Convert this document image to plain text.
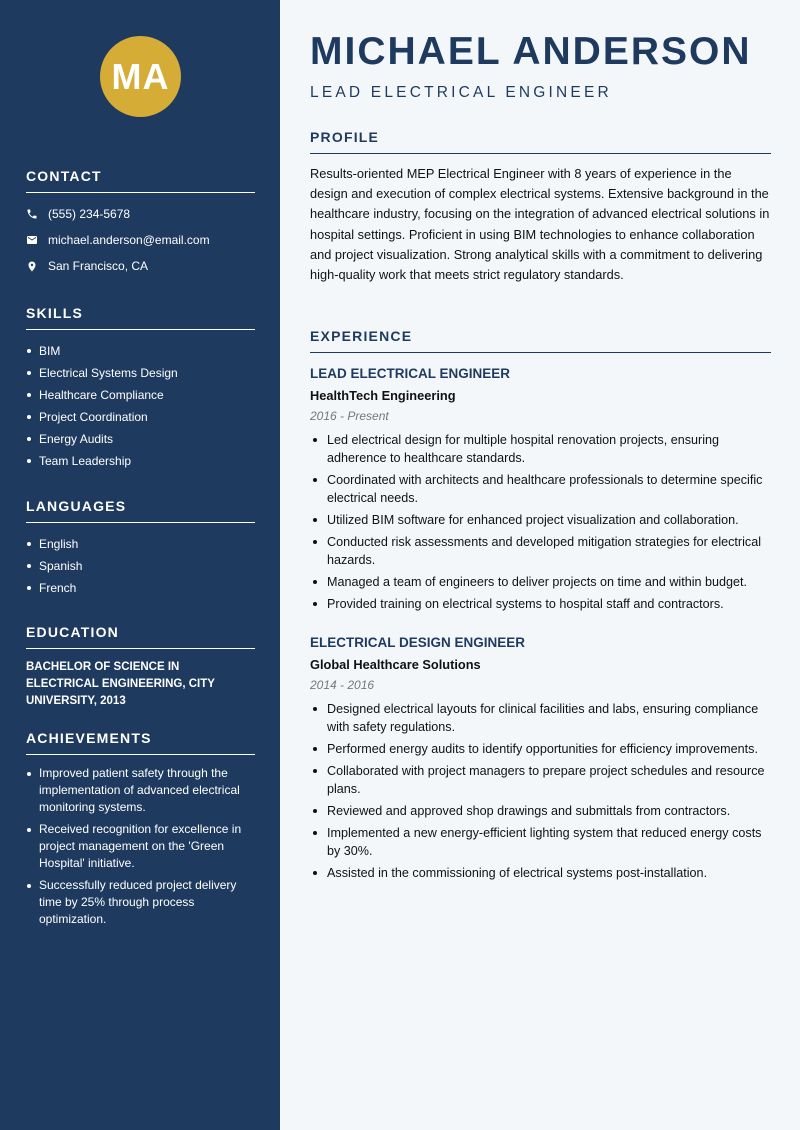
MA
CONTACT
(555) 234-5678
michael.anderson@email.com
San Francisco, CA
SKILLS
BIM
Electrical Systems Design
Healthcare Compliance
Project Coordination
Energy Audits
Team Leadership
LANGUAGES
English
Spanish
French
EDUCATION
BACHELOR OF SCIENCE IN ELECTRICAL ENGINEERING, CITY UNIVERSITY, 2013
ACHIEVEMENTS
Improved patient safety through the implementation of advanced electrical monitoring systems.
Received recognition for excellence in project management on the 'Green Hospital' initiative.
Successfully reduced project delivery time by 25% through process optimization.
MICHAEL ANDERSON
LEAD ELECTRICAL ENGINEER
PROFILE
Results-oriented MEP Electrical Engineer with 8 years of experience in the design and execution of complex electrical systems. Extensive background in the healthcare industry, focusing on the integration of advanced electrical solutions in hospital settings. Proficient in using BIM technologies to enhance collaboration and project visualization. Strong analytical skills with a commitment to delivering high-quality work that meets strict regulatory standards.
EXPERIENCE
LEAD ELECTRICAL ENGINEER
HealthTech Engineering
2016 - Present
Led electrical design for multiple hospital renovation projects, ensuring adherence to healthcare standards.
Coordinated with architects and healthcare professionals to determine specific electrical needs.
Utilized BIM software for enhanced project visualization and collaboration.
Conducted risk assessments and developed mitigation strategies for electrical hazards.
Managed a team of engineers to deliver projects on time and within budget.
Provided training on electrical systems to hospital staff and contractors.
ELECTRICAL DESIGN ENGINEER
Global Healthcare Solutions
2014 - 2016
Designed electrical layouts for clinical facilities and labs, ensuring compliance with safety regulations.
Performed energy audits to identify opportunities for efficiency improvements.
Collaborated with project managers to prepare project schedules and resource plans.
Reviewed and approved shop drawings and submittals from contractors.
Implemented a new energy-efficient lighting system that reduced energy costs by 30%.
Assisted in the commissioning of electrical systems post-installation.
